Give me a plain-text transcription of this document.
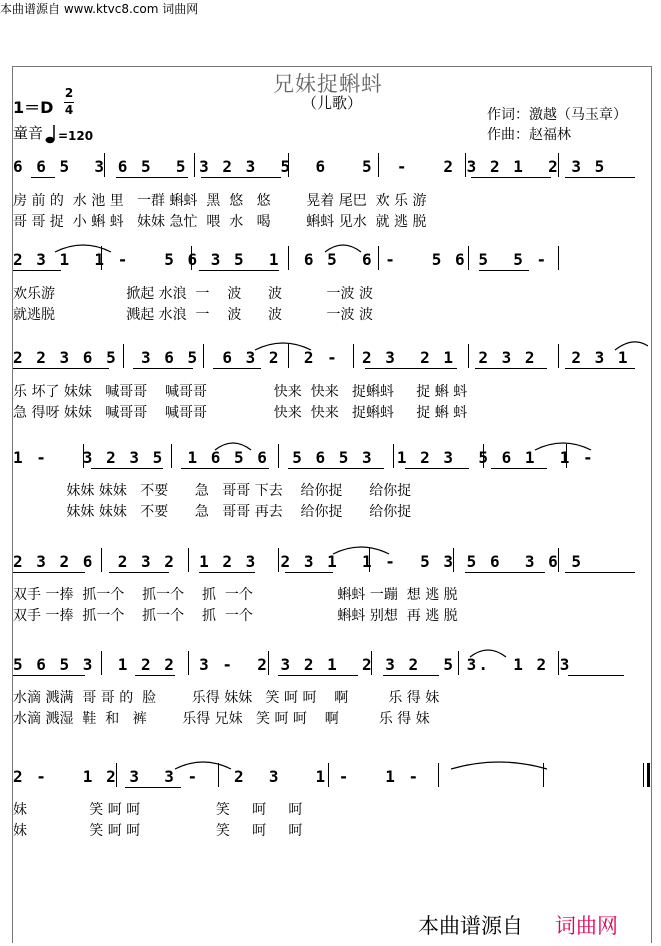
本曲谱源自 www.ktvc8.com 词曲网
兄妹捉蝌蚪
（儿歌）
1＝D
2
4
童音 =120
作词：激越（马玉章）
作曲：赵福林
6 6 5  3 6 5  5 3 2 3  5  6   5  -   2 3 2 1  2 3 5
房 前 的  水 池 里   一群 蝌蚪  黑  悠   悠        晃着 尾巴  欢 乐 游
哥 哥 捉  小 蝌 蚪   妹妹 急忙  喂  水   喝        蝌蚪 见水  就 逃 脱
2 3 1  1 -   5 6 3 5  1  6 5  6 -   5 6 5  5 -
欢乐游                掀起 水浪  一    波      波          一波 波
就逃脱                溅起 水浪  一    波      波          一波 波
2 2 3 6 5  3 6 5  6 3 2  2 -  2 3  2 1  2 3 2   2 3 1
乐 坏了 妹妹   喊哥哥    喊哥哥               快来  快来   捉蝌蚪     捉 蝌 蚪
急 得呀 妹妹   喊哥哥    喊哥哥               快来  快来   捉蝌蚪     捉 蝌 蚪
1 -   3 2 3 5  1 6 5 6  5 6 5 3  1 2 3  5 6 1  1 -
妹妹 妹妹   不要      急   哥哥 下去    给你捉      给你捉
妹妹 妹妹   不要      急   哥哥 再去    给你捉      给你捉
2 3 2 6  2 3 2  1 2 3  2 3 1  1 -  5 3 5 6  3 6 5
双手 一捧  抓一个    抓一个    抓  一个                   蝌蚪 一蹦  想 逃 脱
双手 一捧  抓一个    抓一个    抓  一个                   蝌蚪 别想  再 逃 脱
5 6 5 3  1 2 2  3 -  2 3 2 1  2 3 2  5 3.  1 2 3
水滴 溅满  哥 哥 的  脸        乐得 妹妹   笑 呵 呵    啊         乐 得 妹
水滴 溅湿  鞋  和   裤        乐得 兄妹   笑 呵 呵    啊         乐 得 妹
2 -   1 2 3  3 -   2  3   1 -   1 -
妹              笑 呵 呵                 笑     呵     呵
妹              笑 呵 呵                 笑     呵     呵
本曲谱源自 词曲网
